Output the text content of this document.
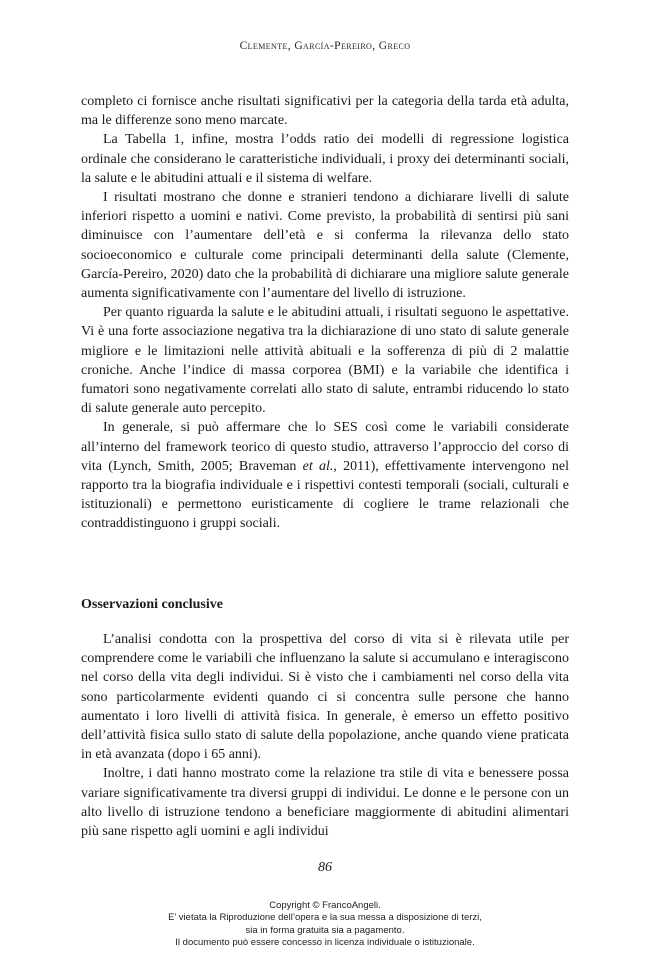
Clemente, García-Pereiro, Greco

completo ci fornisce anche risultati significativi per la categoria della tarda età adulta, ma le differenze sono meno marcate.

La Tabella 1, infine, mostra l’odds ratio dei modelli di regressione logistica ordinale che considerano le caratteristiche individuali, i proxy dei determinanti sociali, la salute e le abitudini attuali e il sistema di welfare.

I risultati mostrano che donne e stranieri tendono a dichiarare livelli di salute inferiori rispetto a uomini e nativi. Come previsto, la probabilità di sentirsi più sani diminuisce con l’aumentare dell’età e si conferma la rilevanza dello stato socioeconomico e culturale come principali determinanti della salute (Clemente, García-Pereiro, 2020) dato che la probabilità di dichiarare una migliore salute generale aumenta significativamente con l’aumentare del livello di istruzione.

Per quanto riguarda la salute e le abitudini attuali, i risultati seguono le aspettative. Vi è una forte associazione negativa tra la dichiarazione di uno stato di salute generale migliore e le limitazioni nelle attività abituali e la sofferenza di più di 2 malattie croniche. Anche l’indice di massa corporea (BMI) e la variabile che identifica i fumatori sono negativamente correlati allo stato di salute, entrambi riducendo lo stato di salute generale auto percepito.

In generale, si può affermare che lo SES così come le variabili considerate all’interno del framework teorico di questo studio, attraverso l’approccio del corso di vita (Lynch, Smith, 2005; Braveman et al., 2011), effettivamente intervengono nel rapporto tra la biografia individuale e i rispettivi contesti temporali (sociali, culturali e istituzionali) e permettono euristicamente di cogliere le trame relazionali che contraddistinguono i gruppi sociali.

Osservazioni conclusive

L’analisi condotta con la prospettiva del corso di vita si è rilevata utile per comprendere come le variabili che influenzano la salute si accumulano e interagiscono nel corso della vita degli individui. Si è visto che i cambiamenti nel corso della vita sono particolarmente evidenti quando ci si concentra sulle persone che hanno aumentato i loro livelli di attività fisica. In generale, è emerso un effetto positivo dell’attività fisica sullo stato di salute della popolazione, anche quando viene praticata in età avanzata (dopo i 65 anni).

Inoltre, i dati hanno mostrato come la relazione tra stile di vita e benessere possa variare significativamente tra diversi gruppi di individui. Le donne e le persone con un alto livello di istruzione tendono a beneficiare maggiormente di abitudini alimentari più sane rispetto agli uomini e agli individui

86
Copyright © FrancoAngeli.
E’ vietata la Riproduzione dell’opera e la sua messa a disposizione di terzi,
sia in forma gratuita sia a pagamento.
Il documento può essere concesso in licenza individuale o istituzionale.
